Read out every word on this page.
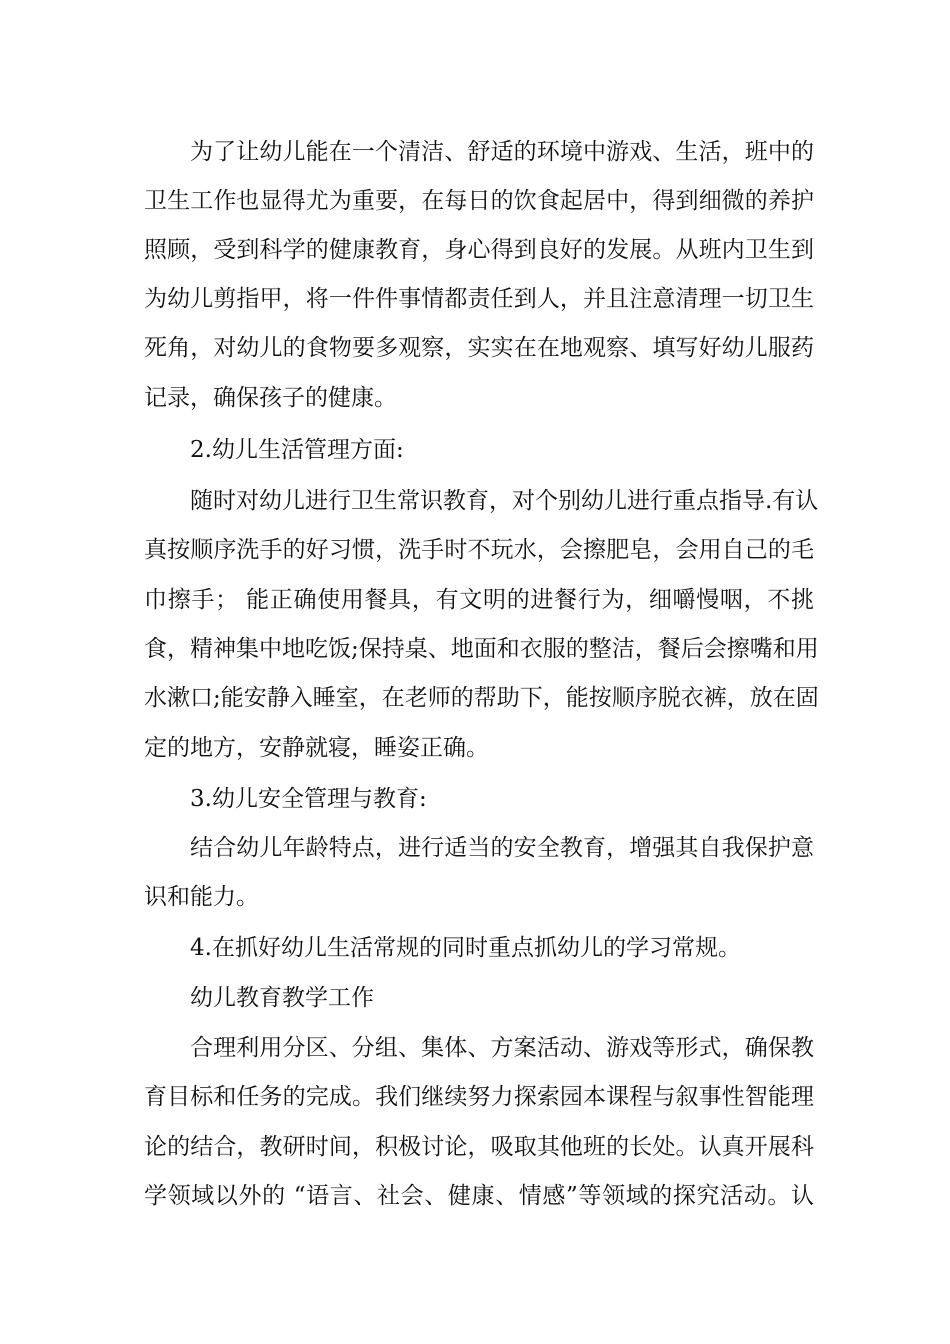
为了让幼儿能在一个清洁、舒适的环境中游戏、生活，班中的
卫生工作也显得尤为重要，在每日的饮食起居中，得到细微的养护
照顾，受到科学的健康教育，身心得到良好的发展。从班内卫生到
为幼儿剪指甲，将一件件事情都责任到人，并且注意清理一切卫生
死角，对幼儿的食物要多观察，实实在在地观察、填写好幼儿服药
记录，确保孩子的健康。
2.幼儿生活管理方面:
随时对幼儿进行卫生常识教育，对个别幼儿进行重点指导.有认
真按顺序洗手的好习惯，洗手时不玩水，会擦肥皂，会用自己的毛
巾擦手； 能正确使用餐具，有文明的进餐行为，细嚼慢咽，不挑
食，精神集中地吃饭;保持桌、地面和衣服的整洁，餐后会擦嘴和用
水漱口;能安静入睡室，在老师的帮助下，能按顺序脱衣裤，放在固
定的地方，安静就寝，睡姿正确。
3.幼儿安全管理与教育:
结合幼儿年龄特点，进行适当的安全教育，增强其自我保护意
识和能力。
4.在抓好幼儿生活常规的同时重点抓幼儿的学习常规。
幼儿教育教学工作
合理利用分区、分组、集体、方案活动、游戏等形式，确保教
育目标和任务的完成。我们继续努力探索园本课程与叙事性智能理
论的结合，教研时间，积极讨论，吸取其他班的长处。认真开展科
学领域以外的 “语言、社会、健康、情感”等领域的探究活动。认
